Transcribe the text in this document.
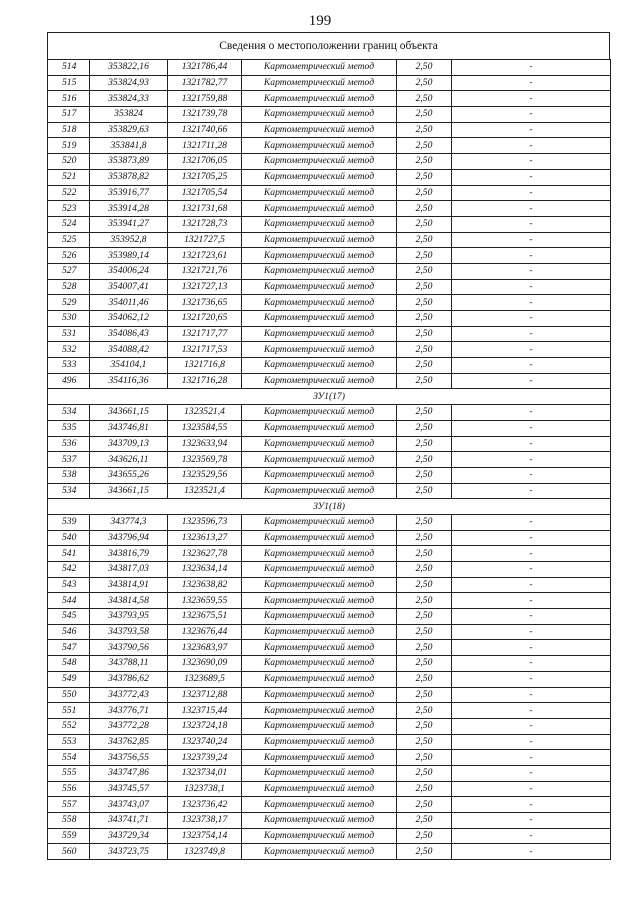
199
Сведения о местоположении границ объекта
514	353822,16	1321786,44	Картометрический метод	2,50	-
515	353824,93	1321782,77	Картометрический метод	2,50	-
516	353824,33	1321759,88	Картометрический метод	2,50	-
517	353824	1321739,78	Картометрический метод	2,50	-
518	353829,63	1321740,66	Картометрический метод	2,50	-
519	353841,8	1321711,28	Картометрический метод	2,50	-
520	353873,89	1321706,05	Картометрический метод	2,50	-
521	353878,82	1321705,25	Картометрический метод	2,50	-
522	353916,77	1321705,54	Картометрический метод	2,50	-
523	353914,28	1321731,68	Картометрический метод	2,50	-
524	353941,27	1321728,73	Картометрический метод	2,50	-
525	353952,8	1321727,5	Картометрический метод	2,50	-
526	353989,14	1321723,61	Картометрический метод	2,50	-
527	354006,24	1321721,76	Картометрический метод	2,50	-
528	354007,41	1321727,13	Картометрический метод	2,50	-
529	354011,46	1321736,65	Картометрический метод	2,50	-
530	354062,12	1321720,65	Картометрический метод	2,50	-
531	354086,43	1321717,77	Картометрический метод	2,50	-
532	354088,42	1321717,53	Картометрический метод	2,50	-
533	354104,1	1321716,8	Картометрический метод	2,50	-
496	354116,36	1321716,28	Картометрический метод	2,50	-
ЗУ1(17)					
534	343661,15	1323521,4	Картометрический метод	2,50	-
535	343746,81	1323584,55	Картометрический метод	2,50	-
536	343709,13	1323633,94	Картометрический метод	2,50	-
537	343626,11	1323569,78	Картометрический метод	2,50	-
538	343655,26	1323529,56	Картометрический метод	2,50	-
534	343661,15	1323521,4	Картометрический метод	2,50	-
ЗУ1(18)					
539	343774,3	1323596,73	Картометрический метод	2,50	-
540	343796,94	1323613,27	Картометрический метод	2,50	-
541	343816,79	1323627,78	Картометрический метод	2,50	-
542	343817,03	1323634,14	Картометрический метод	2,50	-
543	343814,91	1323638,82	Картометрический метод	2,50	-
544	343814,58	1323659,55	Картометрический метод	2,50	-
545	343793,95	1323675,51	Картометрический метод	2,50	-
546	343793,58	1323676,44	Картометрический метод	2,50	-
547	343790,56	1323683,97	Картометрический метод	2,50	-
548	343788,11	1323690,09	Картометрический метод	2,50	-
549	343786,62	1323689,5	Картометрический метод	2,50	-
550	343772,43	1323712,88	Картометрический метод	2,50	-
551	343776,71	1323715,44	Картометрический метод	2,50	-
552	343772,28	1323724,18	Картометрический метод	2,50	-
553	343762,85	1323740,24	Картометрический метод	2,50	-
554	343756,55	1323739,24	Картометрический метод	2,50	-
555	343747,86	1323734,01	Картометрический метод	2,50	-
556	343745,57	1323738,1	Картометрический метод	2,50	-
557	343743,07	1323736,42	Картометрический метод	2,50	-
558	343741,71	1323738,17	Картометрический метод	2,50	-
559	343729,34	1323754,14	Картометрический метод	2,50	-
560	343723,75	1323749,8	Картометрический метод	2,50	-
